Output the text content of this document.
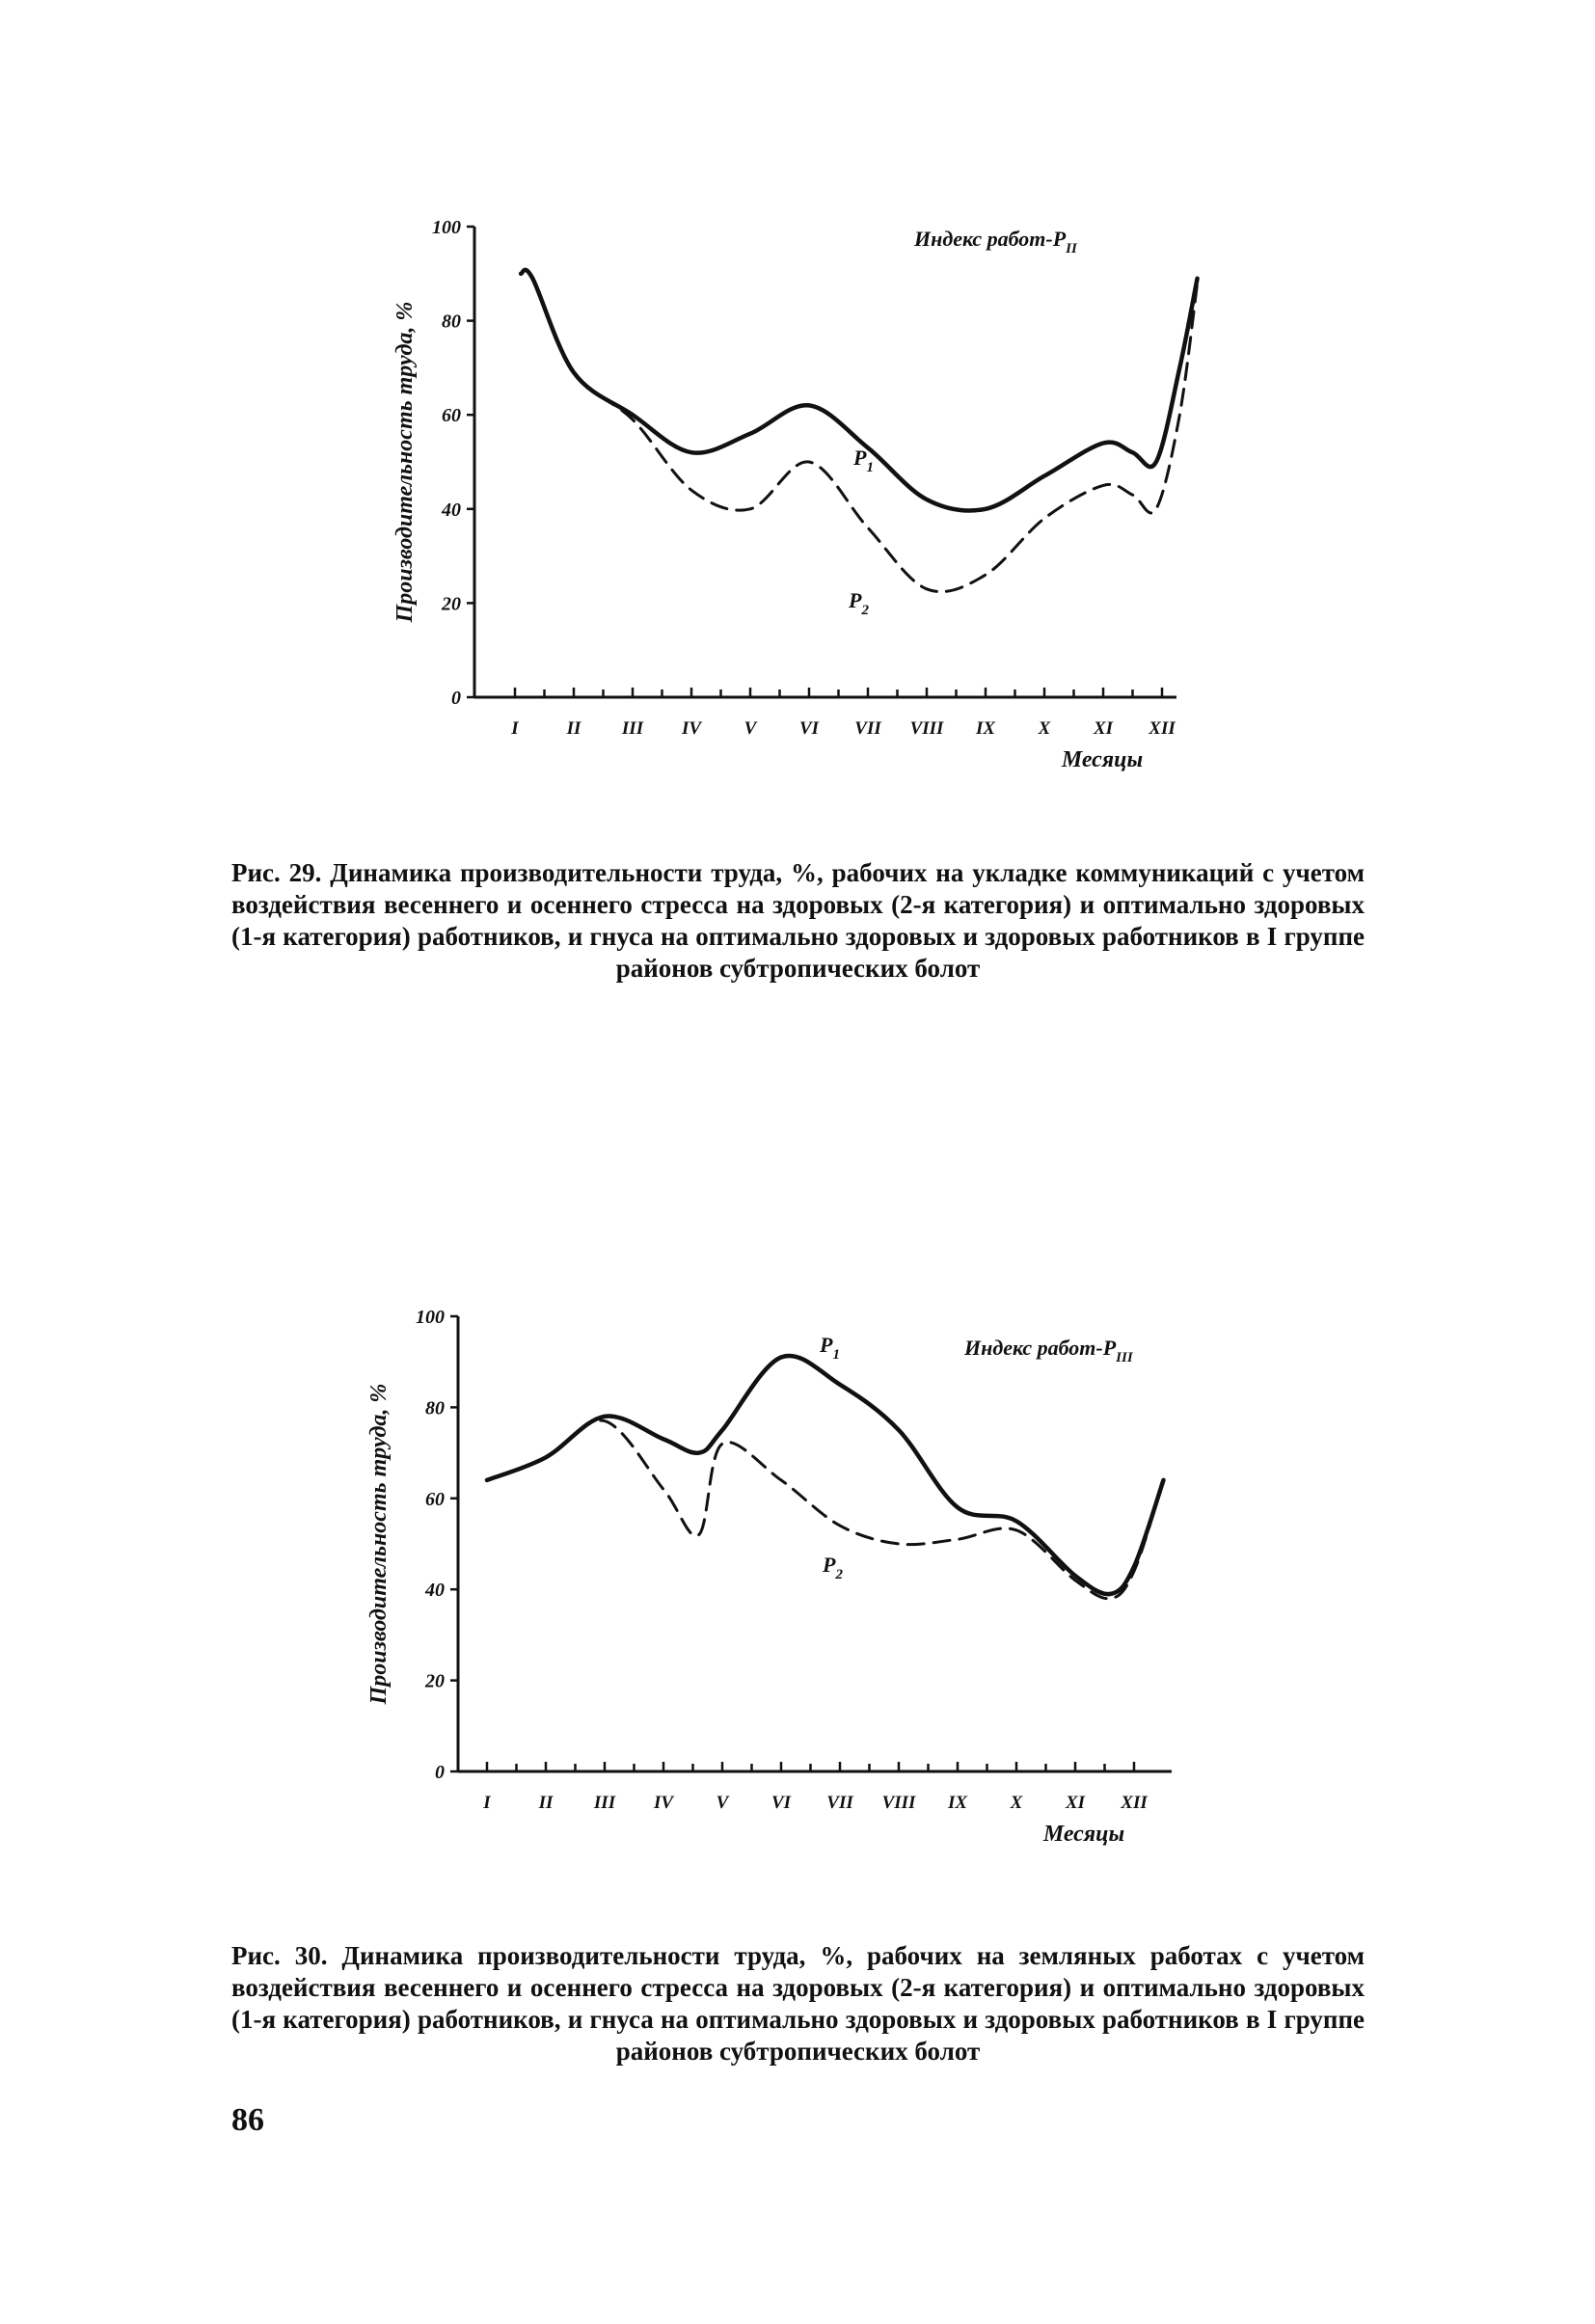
0
20
40
60
80
100
I	II III IV V VI VII VIII IX X XI XII
Месяцы
Производительность труда, %
Индекс работ-$Р_{II}$
$P_1$
$P_2$

Рис. 29. Динамика производительности труда, %, рабочих на укладке коммуникаций с учетом воздействия весеннего и осеннего стресса на здоровых (2-я категория) и оптимально здоровых (1-я категория) работников, и гнуса на оптимально здоровых и здоровых работников в I группе районов субтропических болот

0
20
40
60
80
100
I	II III IV V VI VII VIII IX X XI XII
Месяцы
Производительность труда, %
Индекс работ-$Р_{III}$
$P_1$
$P_2$

Рис. 30. Динамика производительности труда, %, рабочих на земляных работах с учетом воздействия весеннего и осеннего стресса на здоровых (2-я категория) и оптимально здоровых (1-я категория) работников, и гнуса на оптимально здоровых и здоровых работников в I группе районов субтропических болот

86
